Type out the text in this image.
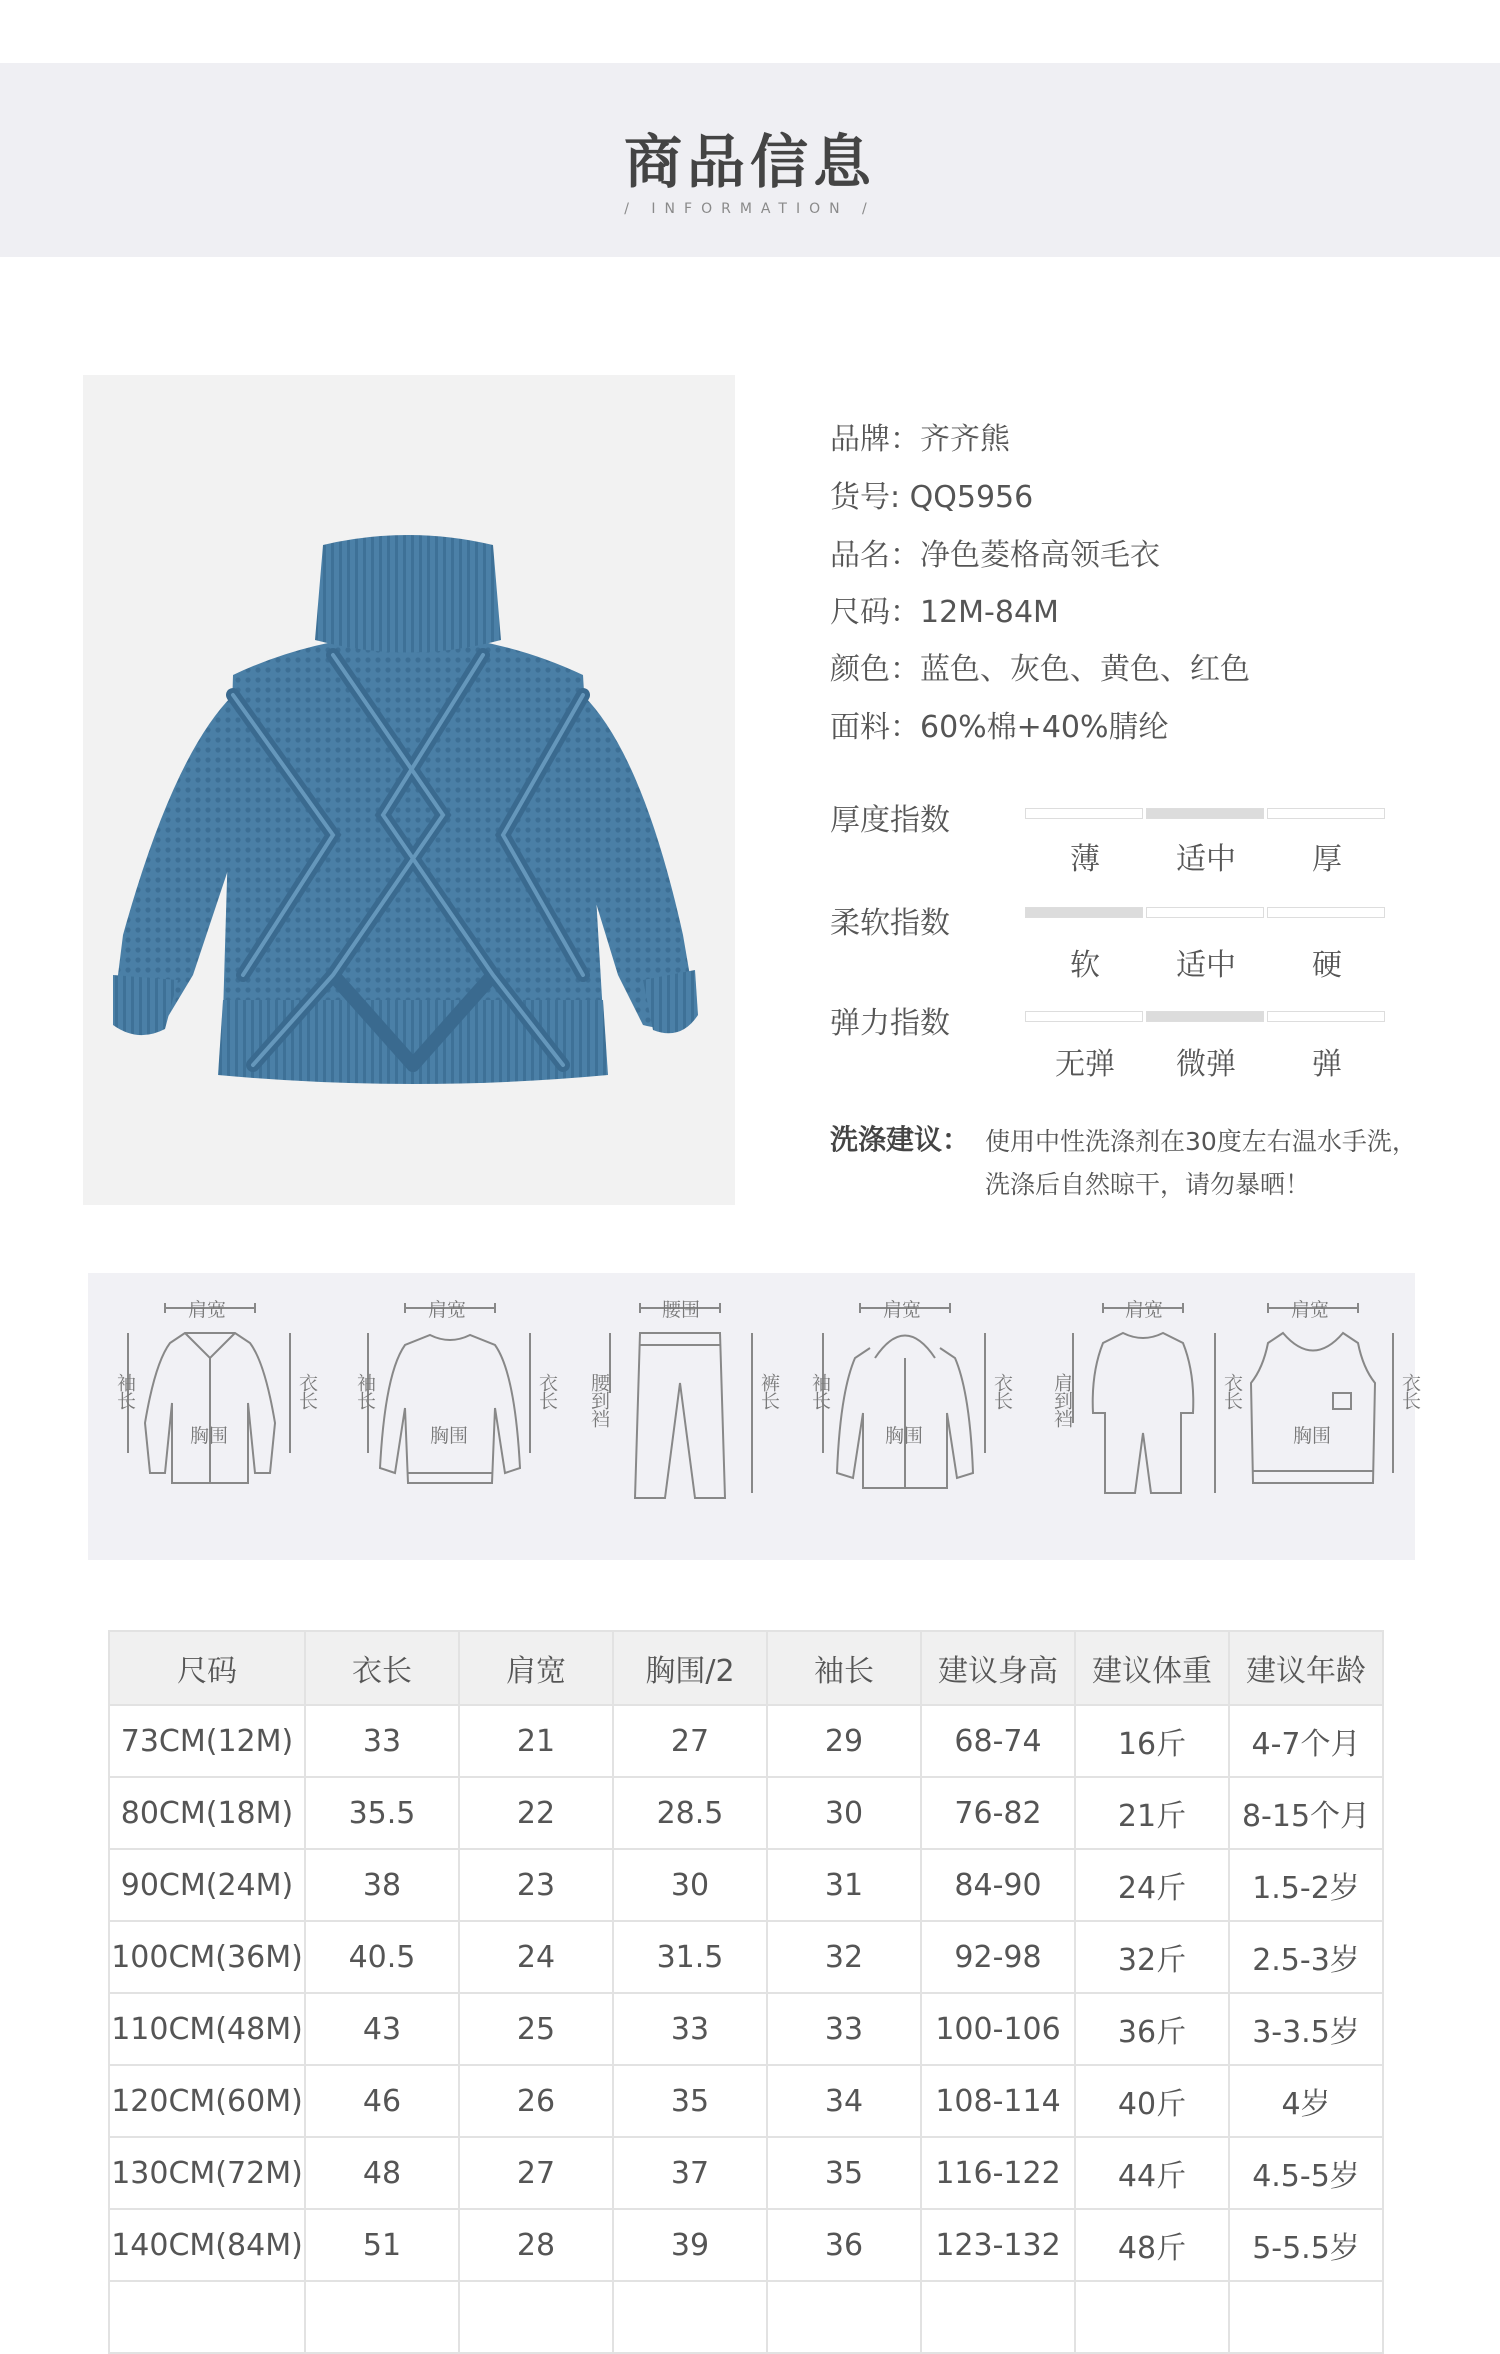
商品信息
/ INFORMATION /
品牌：齐齐熊
货号: QQ5956
品名：净色菱格高领毛衣
尺码：12M-84M
颜色：蓝色、灰色、黄色、红色
面料：60%棉+40%腈纶
厚度指数
薄	适中	厚
柔软指数
软	适中	硬
弹力指数
无弹	微弹	弹
洗涤建议： 使用中性洗涤剂在30度左右温水手洗，
洗涤后自然晾干，请勿暴晒！
肩宽
袖长	衣长
胸围
肩宽
袖长	衣长
胸围
腰围
腰到裆	裤长
肩宽
袖长	衣长
胸围
肩宽
肩到裆	衣长
肩宽
衣长
胸围
尺码	衣长	肩宽	胸围/2	袖长	建议身高	建议体重	建议年龄
73CM(12M)	33	21	27	29	68-74	16斤	4-7个月
80CM(18M)	35.5	22	28.5	30	76-82	21斤	8-15个月
90CM(24M)	38	23	30	31	84-90	24斤	1.5-2岁
100CM(36M)	40.5	24	31.5	32	92-98	32斤	2.5-3岁
110CM(48M)	43	25	33	33	100-106	36斤	3-3.5岁
120CM(60M)	46	26	35	34	108-114	40斤	4岁
130CM(72M)	48	27	37	35	116-122	44斤	4.5-5岁
140CM(84M)	51	28	39	36	123-132	48斤	5-5.5岁
